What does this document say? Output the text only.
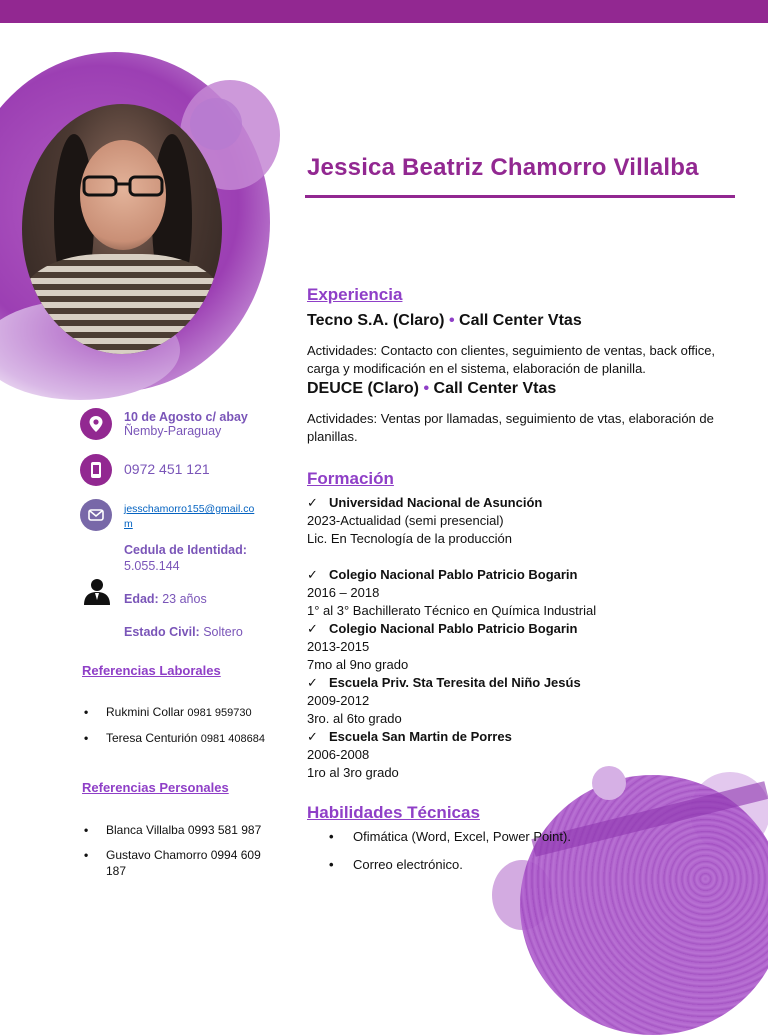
Jessica Beatriz Chamorro Villalba
10 de Agosto c/ abay
Ñemby-Paraguay
0972 451 121
jesschamorro155@gmail.com
Cedula de Identidad:
5.055.144
Edad: 23 años
Estado Civil: Soltero
Referencias Laborales
• Rukmini Collar 0981 959730
• Teresa Centurión 0981 408684
Referencias Personales
• Blanca Villalba 0993 581 987
• Gustavo Chamorro 0994 609 187
Experiencia
Tecno S.A. (Claro) • Call Center Vtas

Actividades: Contacto con clientes, seguimiento de ventas, back office, carga y modificación en el sistema, elaboración de planilla.

DEUCE (Claro) • Call Center Vtas

Actividades: Ventas por llamadas, seguimiento de vtas, elaboración de planillas.

Formación
✓ Universidad Nacional de Asunción
2023-Actualidad (semi presencial)
Lic. En Tecnología de la producción
✓ Colegio Nacional Pablo Patricio Bogarin
2016 – 2018
1° al 3° Bachillerato Técnico en Química Industrial
✓ Colegio Nacional Pablo Patricio Bogarin
2013-2015
7mo al 9no grado
✓ Escuela Priv. Sta Teresita del Niño Jesús
2009-2012
3ro. al 6to grado
✓ Escuela San Martin de Porres
2006-2008
1ro al 3ro grado
Habilidades Técnicas
• Ofimática (Word, Excel, Power Point).
• Correo electrónico.
